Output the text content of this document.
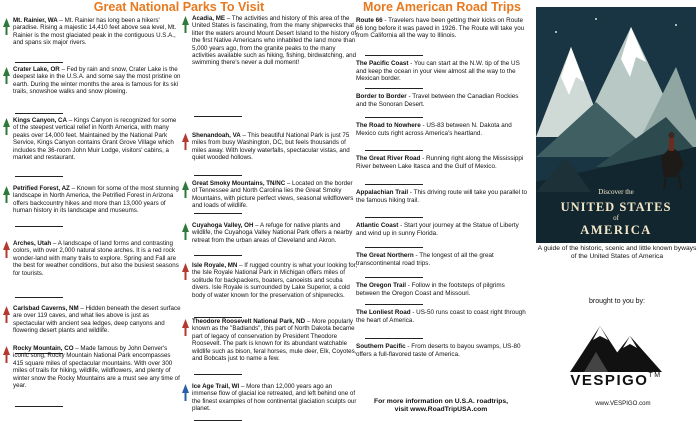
Great National Parks To Visit	More American Road Trips
Mt. Rainier, WA – Mt. Rainier has long been a hikers' paradise. Rising a majestic 14,410 feet above sea level, Mt. Rainier is the most glaciated peak in the contiguous U.S.A., and spans six major rivers.
Crater Lake, OR – Fed by rain and snow, Crater Lake is the deepest lake in the U.S.A. and some say the most pristine on earth. During the winter months the area is famous for its ski trails, snowshoe walks and snow plowing.
Kings Canyon, CA – Kings Canyon is recognized for some of the steepest vertical relief in North America, with many peaks over 14,000 feet. Maintained by the National Park Service, Kings Canyon contains Grant Grove Village which includes the 36-room John Muir Lodge, visitors' cabins, a market and restaurant.
Petrified Forest, AZ – Known for some of the most stunning landscape in North America, the Petrified Forest in Arizona offers backcountry hikes and more than 13,000 years of human history in its landscape and museums.
Arches, Utah – A landscape of land forms and contrasting colors, with over 2,000 natural stone arches. It is a red rock wonder-land with many trails to explore. Spring and Fall are the best for weather conditions, but also the busiest seasons for tourists.
Carlsbad Caverns, NM – Hidden beneath the desert surface are over 119 caves, and what lies above is just as spectacular with ancient sea ledges, deep canyons and flowering desert plants and wildlife.
Rocky Mountain, CO – Made famous by John Denver's iconic song, Rocky Mountain National Park encompasses 415 square miles of spectacular mountains. With over 300 miles of trails for hiking, wildlife, wildflowers, and plenty of winter snow the Rocky Mountains are a must see any time of year.
Acadia, ME – The activities and history of this area of the United States is fascinating, from the many shipwrecks that litter the waters around Mount Desert Island to the history of the first Native Americans who inhabited the land more than 5,000 years ago, from the granite peaks to the many activities available such as hiking, fishing, birdwatching, and swimming there's never a dull moment!
Shenandoah, VA – This beautiful National Park is just 75 miles from busy Washington, DC, but feels thousands of miles away. With lovely waterfalls, spectacular vistas, and quiet wooded hollows.
Great Smoky Mountains, TN/NC – Located on the border of Tennessee and North Carolina lies the Great Smoky Mountains, with picture perfect views, seasonal wildflowers and loads of wildlife.
Cuyahoga Valley, OH – A refuge for native plants and wildlife, the Cuyahoga Valley National Park offers a nearby retreat from the urban areas of Cleveland and Akron.
Isle Royale, MN – If rugged country is what your looking for, the Isle Royale National Park in Michigan offers miles of solitude for backpackers, boaters, canoeists and scuba divers. Isle Royale is surrounded by Lake Superior, a cold body of water known for the preservation of shipwrecks.
Theodore Roosevelt National Park, ND – More popularly known as the "Badlands", this part of North Dakota became part of legacy of conservation by President Theodore Roosevelt. The park is known for its abundant watchable wildlife such as bison, feral horses, mule deer, Elk, Coyotes, and Bobcats just to name a few.
Ice Age Trail, WI – More than 12,000 years ago an immense flow of glacial ice retreated, and left behind one of the finest examples of how continental glaciation sculpts our planet.
Route 66 - Travelers have been getting their kicks on Route 66 long before it was paved in 1926. The Route will take you from California all the way to Illinois.
The Pacific Coast - You can start at the N.W. tip of the US and keep the ocean in your view almost all the way to the Mexican border.
Border to Border - Travel between the Canadian Rockies and the Sonoran Desert.
The Road to Nowhere - US-83 between N. Dakota and Mexico cuts right across America's heartland.
The Great River Road - Running right along the Mississippi River between Lake Itasca and the Gulf of Mexico.
Appalachian Trail - This driving route will take you parallel to the famous hiking trail.
Atlantic Coast - Start your journey at the Statue of Liberty and wind up in sunny Florida.
The Great Northern - The longest of all the great transcontinental road trips.
The Oregon Trail - Follow in the footsteps of pilgrims between the Oregon Coast and Missouri.
The Lonliest Road - US-50 runs coast to coast right through the heart of America.
Southern Pacific - From deserts to bayou swamps, US-80 offers a full-flavored taste of America.
For more information on U.S.A. roadtrips,
visit www.RoadTripUSA.com
Discover the
UNITED STATES
of
AMERICA
A guide of the historic, scenic and little known byways of the United States of America
brought to you by:
VESPIGO™
www.VESPIGO.com
